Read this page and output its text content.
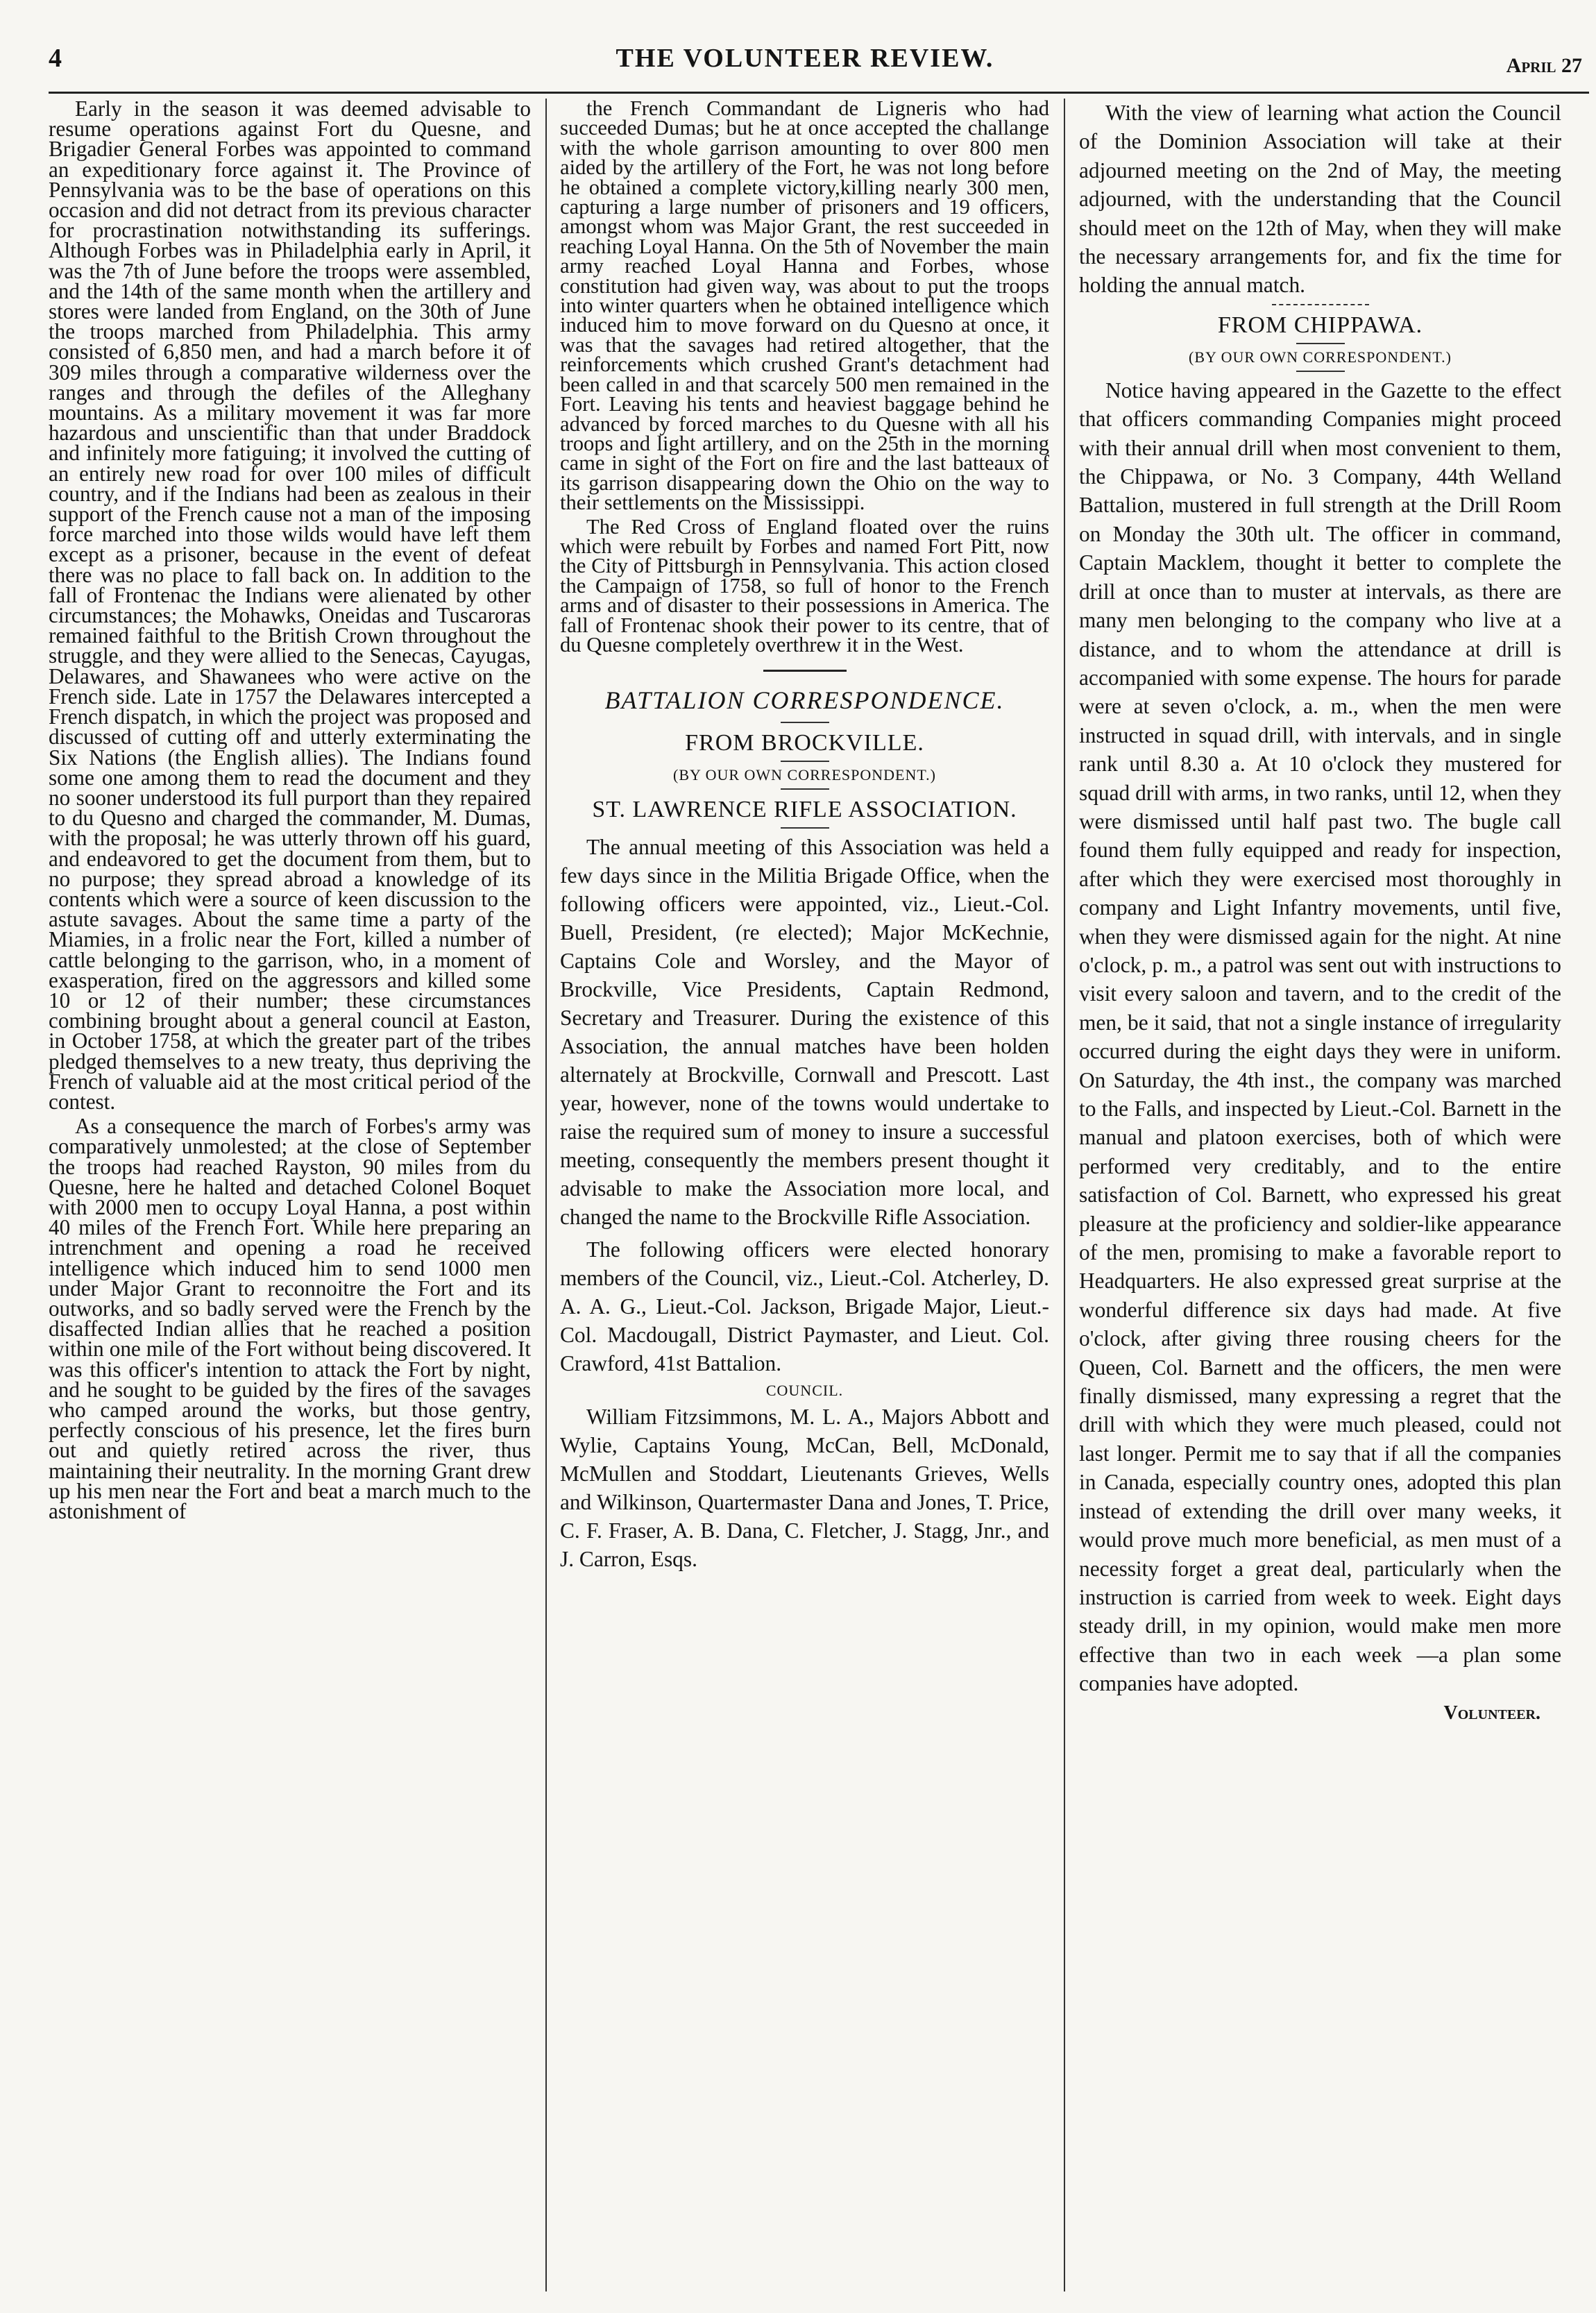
4	THE VOLUNTEER REVIEW.	April 27

Early in the season it was deemed advisable to resume operations against Fort du Quesne, and Brigadier General Forbes was appointed to command an expeditionary force against it. The Province of Pennsylvania was to be the base of operations on this occasion and did not detract from its previous character for procrastination notwithstanding its sufferings. Although Forbes was in Philadelphia early in April, it was the 7th of June before the troops were assembled, and the 14th of the same month when the artillery and stores were landed from England, on the 30th of June the troops marched from Philadelphia. This army consisted of 6,850 men, and had a march before it of 309 miles through a comparative wilderness over the ranges and through the defiles of the Alleghany mountains. As a military movement it was far more hazardous and unscientific than that under Braddock and infinitely more fatiguing; it involved the cutting of an entirely new road for over 100 miles of difficult country, and if the Indians had been as zealous in their support of the French cause not a man of the imposing force marched into those wilds would have left them except as a prisoner, because in the event of defeat there was no place to fall back on. In addition to the fall of Frontenac the Indians were alienated by other circumstances; the Mohawks, Oneidas and Tuscaroras remained faithful to the British Crown throughout the struggle, and they were allied to the Senecas, Cayugas, Delawares, and Shawanees who were active on the French side. Late in 1757 the Delawares intercepted a French dispatch, in which the project was proposed and discussed of cutting off and utterly exterminating the Six Nations (the English allies). The Indians found some one among them to read the document and they no sooner understood its full purport than they repaired to du Quesno and charged the commander, M. Dumas, with the proposal; he was utterly thrown off his guard, and endeavored to get the document from them, but to no purpose; they spread abroad a knowledge of its contents which were a source of keen discussion to the astute savages. About the same time a party of the Miamies, in a frolic near the Fort, killed a number of cattle belonging to the garrison, who, in a moment of exasperation, fired on the aggressors and killed some 10 or 12 of their number; these circumstances combining brought about a general council at Easton, in October 1758, at which the greater part of the tribes pledged themselves to a new treaty, thus depriving the French of valuable aid at the most critical period of the contest.

As a consequence the march of Forbes's army was comparatively unmolested; at the close of September the troops had reached Rayston, 90 miles from du Quesne, here he halted and detached Colonel Boquet with 2000 men to occupy Loyal Hanna, a post within 40 miles of the French Fort. While here preparing an intrenchment and opening a road he received intelligence which induced him to send 1000 men under Major Grant to reconnoitre the Fort and its outworks, and so badly served were the French by the disaffected Indian allies that he reached a position within one mile of the Fort without being discovered. It was this officer's intention to attack the Fort by night, and he sought to be guided by the fires of the savages who camped around the works, but those gentry, perfectly conscious of his presence, let the fires burn out and quietly retired across the river, thus maintaining their neutrality. In the morning Grant drew up his men near the Fort and beat a march much to the astonishment of

the French Commandant de Ligneris who had succeeded Dumas; but he at once accepted the challange with the whole garrison amounting to over 800 men aided by the artillery of the Fort, he was not long before he obtained a complete victory,killing nearly 300 men, capturing a large number of prisoners and 19 officers, amongst whom was Major Grant, the rest succeeded in reaching Loyal Hanna. On the 5th of November the main army reached Loyal Hanna and Forbes, whose constitution had given way, was about to put the troops into winter quarters when he obtained intelligence which induced him to move forward on du Quesno at once, it was that the savages had retired altogether, that the reinforcements which crushed Grant's detachment had been called in and that scarcely 500 men remained in the Fort. Leaving his tents and heaviest baggage behind he advanced by forced marches to du Quesne with all his troops and light artillery, and on the 25th in the morning came in sight of the Fort on fire and the last batteaux of its garrison disappearing down the Ohio on the way to their settlements on the Mississippi.

The Red Cross of England floated over the ruins which were rebuilt by Forbes and named Fort Pitt, now the City of Pittsburgh in Pennsylvania. This action closed the Campaign of 1758, so full of honor to the French arms and of disaster to their possessions in America. The fall of Frontenac shook their power to its centre, that of du Quesne completely overthrew it in the West.

BATTALION CORRESPONDENCE.
FROM BROCKVILLE.
(BY OUR OWN CORRESPONDENT.)
ST. LAWRENCE RIFLE ASSOCIATION.

The annual meeting of this Association was held a few days since in the Militia Brigade Office, when the following officers were appointed, viz., Lieut.-Col. Buell, President, (re elected); Major McKechnie, Captains Cole and Worsley, and the Mayor of Brockville, Vice Presidents, Captain Redmond, Secretary and Treasurer. During the existence of this Association, the annual matches have been holden alternately at Brockville, Cornwall and Prescott. Last year, however, none of the towns would undertake to raise the required sum of money to insure a successful meeting, consequently the members present thought it advisable to make the Association more local, and changed the name to the Brockville Rifle Association.

The following officers were elected honorary members of the Council, viz., Lieut.-Col. Atcherley, D. A. A. G., Lieut.-Col. Jackson, Brigade Major, Lieut.-Col. Macdougall, District Paymaster, and Lieut. Col. Crawford, 41st Battalion.

COUNCIL.

William Fitzsimmons, M. L. A., Majors Abbott and Wylie, Captains Young, McCan, Bell, McDonald, McMullen and Stoddart, Lieutenants Grieves, Wells and Wilkinson, Quartermaster Dana and Jones, T. Price, C. F. Fraser, A. B. Dana, C. Fletcher, J. Stagg, Jnr., and J. Carron, Esqs.

With the view of learning what action the Council of the Dominion Association will take at their adjourned meeting on the 2nd of May, the meeting adjourned, with the understanding that the Council should meet on the 12th of May, when they will make the necessary arrangements for, and fix the time for holding the annual match.

FROM CHIPPAWA.
(BY OUR OWN CORRESPONDENT.)

Notice having appeared in the Gazette to the effect that officers commanding Companies might proceed with their annual drill when most convenient to them, the Chippawa, or No. 3 Company, 44th Welland Battalion, mustered in full strength at the Drill Room on Monday the 30th ult. The officer in command, Captain Macklem, thought it better to complete the drill at once than to muster at intervals, as there are many men belonging to the company who live at a distance, and to whom the attendance at drill is accompanied with some expense. The hours for parade were at seven o'clock, a. m., when the men were instructed in squad drill, with intervals, and in single rank until 8.30 a. At 10 o'clock they mustered for squad drill with arms, in two ranks, until 12, when they were dismissed until half past two. The bugle call found them fully equipped and ready for inspection, after which they were exercised most thoroughly in company and Light Infantry movements, until five, when they were dismissed again for the night. At nine o'clock, p. m., a patrol was sent out with instructions to visit every saloon and tavern, and to the credit of the men, be it said, that not a single instance of irregularity occurred during the eight days they were in uniform. On Saturday, the 4th inst., the company was marched to the Falls, and inspected by Lieut.-Col. Barnett in the manual and platoon exercises, both of which were performed very creditably, and to the entire satisfaction of Col. Barnett, who expressed his great pleasure at the proficiency and soldier-like appearance of the men, promising to make a favorable report to Headquarters. He also expressed great surprise at the wonderful difference six days had made. At five o'clock, after giving three rousing cheers for the Queen, Col. Barnett and the officers, the men were finally dismissed, many expressing a regret that the drill with which they were much pleased, could not last longer. Permit me to say that if all the companies in Canada, especially country ones, adopted this plan instead of extending the drill over many weeks, it would prove much more beneficial, as men must of a necessity forget a great deal, particularly when the instruction is carried from week to week. Eight days steady drill, in my opinion, would make men more effective than two in each week —a plan some companies have adopted.

Volunteer.
